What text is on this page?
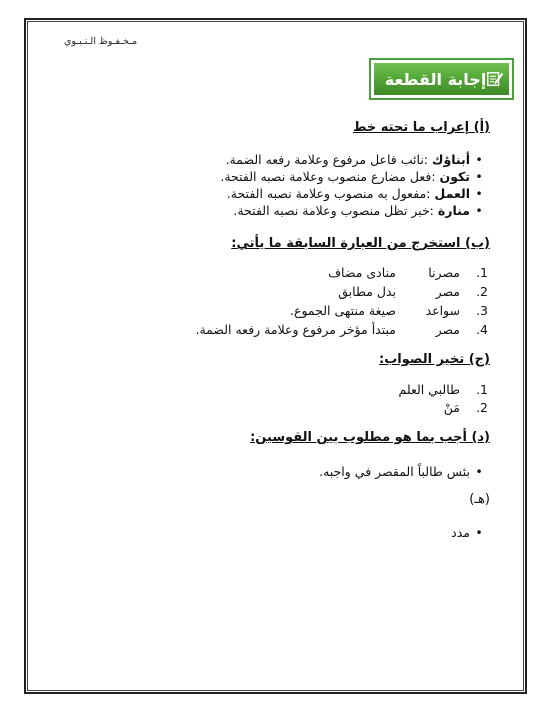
مـخـفـوظ الـنـبـوي
إجابة القطعة
(أ) إعراب ما تحته خط
•أبناؤك :نائب فاعل مرفوع وعلامة رفعه الضمة.
•تكون :فعل مضارع منصوب وعلامة نصبه الفتحة.
•العمل :مفعول به منصوب وعلامة نصبه الفتحة.
•منارة :خبر تظل منصوب وعلامة نصبه الفتحة.
(ب) استخرج من العبارة السابقة ما يأتي:
1.مصرنامنادى مضاف
2.مصربدل مطابق
3.سواعدصيغة منتهى الجموع.
4.مصرمبتدأ مؤخر مرفوع وعلامة رفعه الضمة.
(ج) تخير الصواب:
1.طالبي العلم
2.مَنْ
(د) أجب بما هو مطلوب بين القوسين:
•بئس طالباً المقصر في واجبه.
(هـ)
•مدد
